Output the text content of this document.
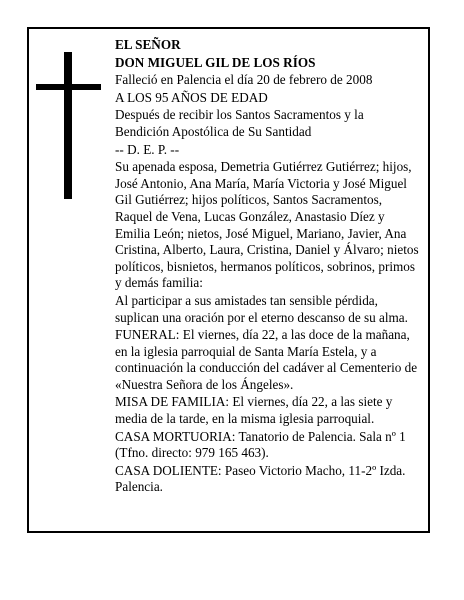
EL SEÑOR

DON MIGUEL GIL DE LOS RÍOS

Falleció en Palencia el día 20 de febrero de 2008

A LOS 95 AÑOS DE EDAD

Después de recibir los Santos Sacramentos y la Bendición Apostólica de Su Santidad

-- D. E. P. --

Su apenada esposa, Demetria Gutiérrez Gutiérrez; hijos, José Antonio, Ana María, María Victoria y José Miguel Gil Gutiérrez; hijos políticos, Santos Sacramentos, Raquel de Vena, Lucas González, Anastasio Díez y Emilia León; nietos, José Miguel, Mariano, Javier, Ana Cristina, Alberto, Laura, Cristina, Daniel y Álvaro; nietos políticos, bisnietos, hermanos políticos, sobrinos, primos y demás familia:

Al participar a sus amistades tan sensible pérdida, suplican una oración por el eterno descanso de su alma.

FUNERAL: El viernes, día 22, a las doce de la mañana, en la iglesia parroquial de Santa María Estela, y a continuación la conducción del cadáver al Cementerio de «Nuestra Señora de los Ángeles».

MISA DE FAMILIA: El viernes, día 22, a las siete y media de la tarde, en la misma iglesia parroquial.

CASA MORTUORIA: Tanatorio de Palencia. Sala nº 1 (Tfno. directo: 979 165 463).

CASA DOLIENTE: Paseo Victorio Macho, 11-2º Izda. Palencia.
